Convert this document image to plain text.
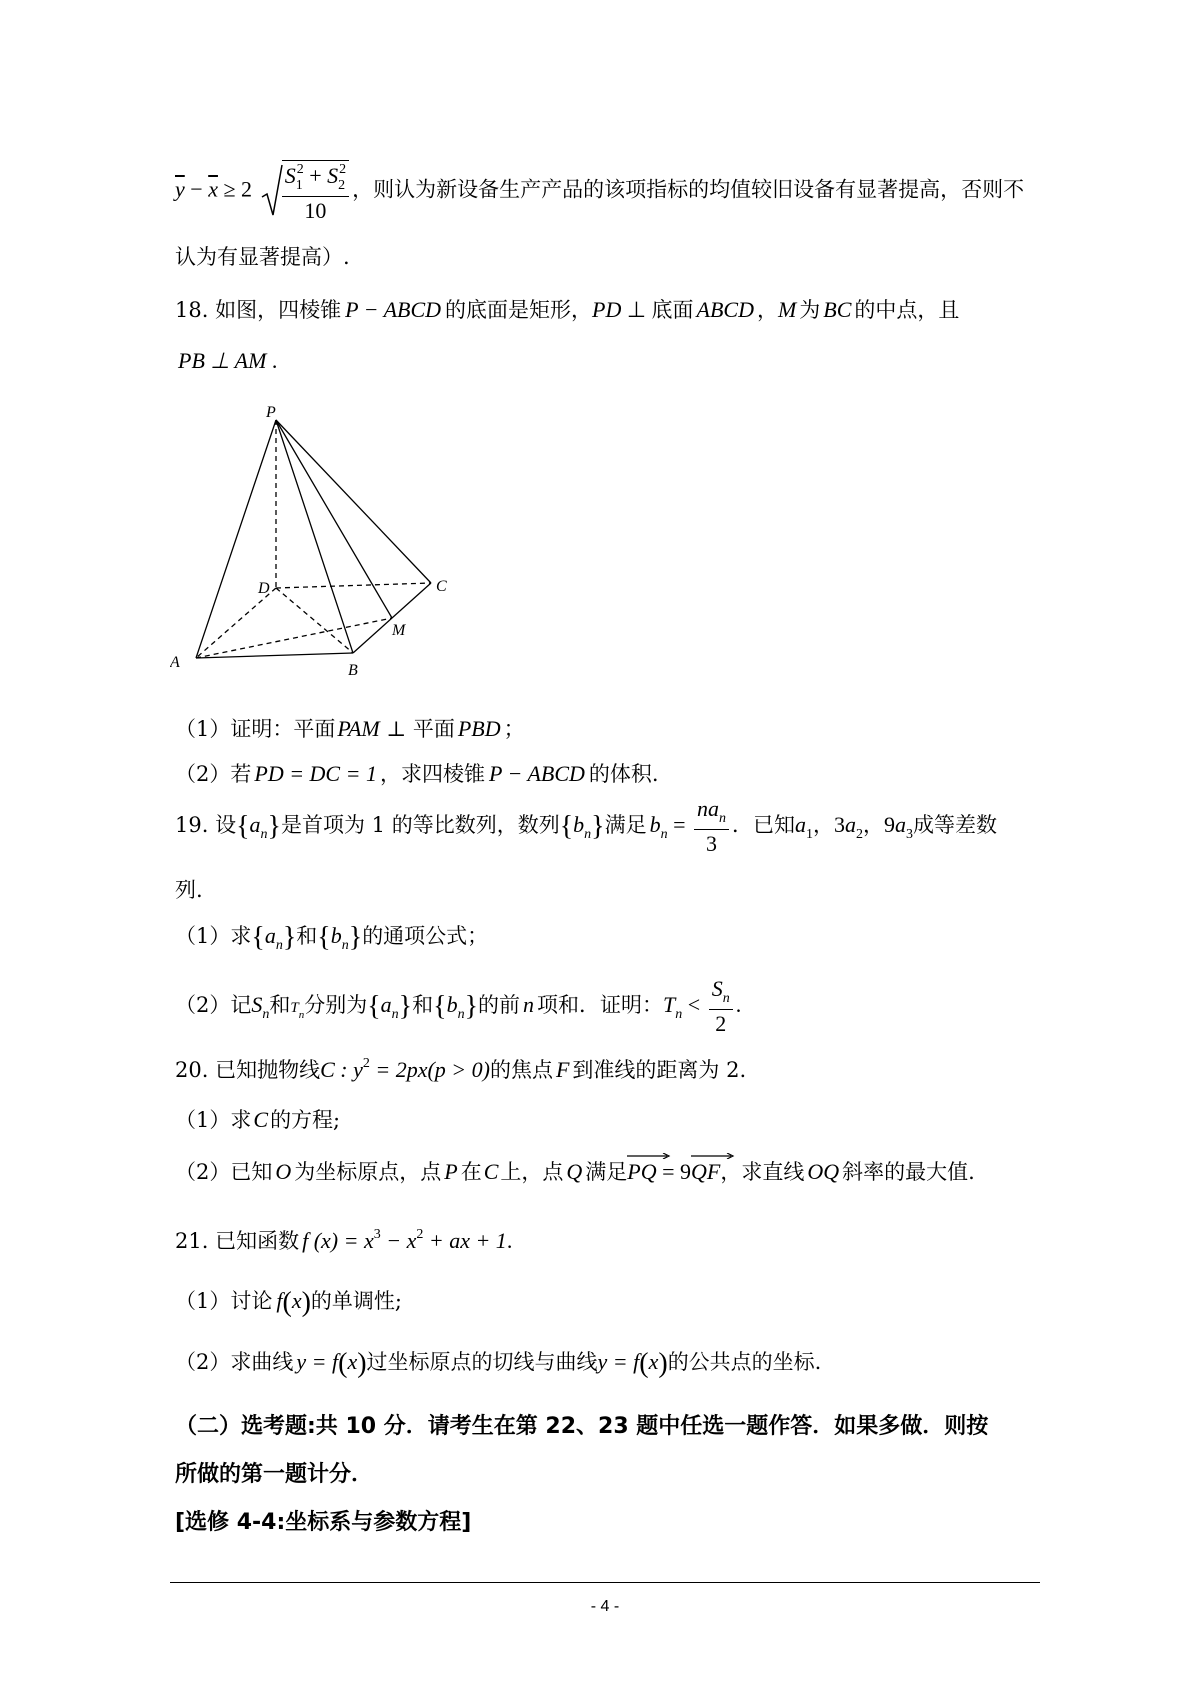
$\overline{y} - \overline{x} \ge 2 \frac{S_1^2 + S_2^2}{10}$ ，则认为新设备生产产品的该项指标的均值较旧设备有显著提高，否则不
认为有显著提高）.
18. 如图，四棱锥 P − ABCD 的底面是矩形，PD ⊥ 底面 ABCD ，M 为 BC 的中点，且
PB ⊥ AM .
P
D	C
M
A	B
（1）证明：平面PAM ⊥ 平面 PBD ；
（2）若 PD = DC = 1 ，求四棱锥 P − ABCD 的体积.
19. 设$\{a_n\}$是首项为 1 的等比数列，数列$\{b_n\}$满足 $b_n = \frac{na_n}{3}$ ．已知$a_1$，$3a_2$，$9a_3$成等差数
列.
（1）求$\{a_n\}$和$\{b_n\}$的通项公式；
（2）记$S_n$和$T_n$分别为$\{a_n\}$和$\{b_n\}$的前 n 项和．证明：$T_n < \frac{S_n}{2}$ .
20. 已知抛物线C : $y^2 = 2px(p > 0)$的焦点 F 到准线的距离为 2.
（1）求C的方程;
（2）已知 O 为坐标原点，点 P 在C上，点 Q 满足
PQ = 9
QF，求直线 OQ 斜率的最大值.
21. 已知函数 f $(x) = x^3 - x^2$ + ax + 1.
（1）讨论 f(x)的单调性;
（2）求曲线 y = f(x)过坐标原点的切线与曲线y = f(x)的公共点的坐标.
（二）选考题:共 10 分．请考生在第 22、23 题中任选一题作答．如果多做．则按
所做的第一题计分．
[选修 4-4:坐标系与参数方程]
- 4 -
